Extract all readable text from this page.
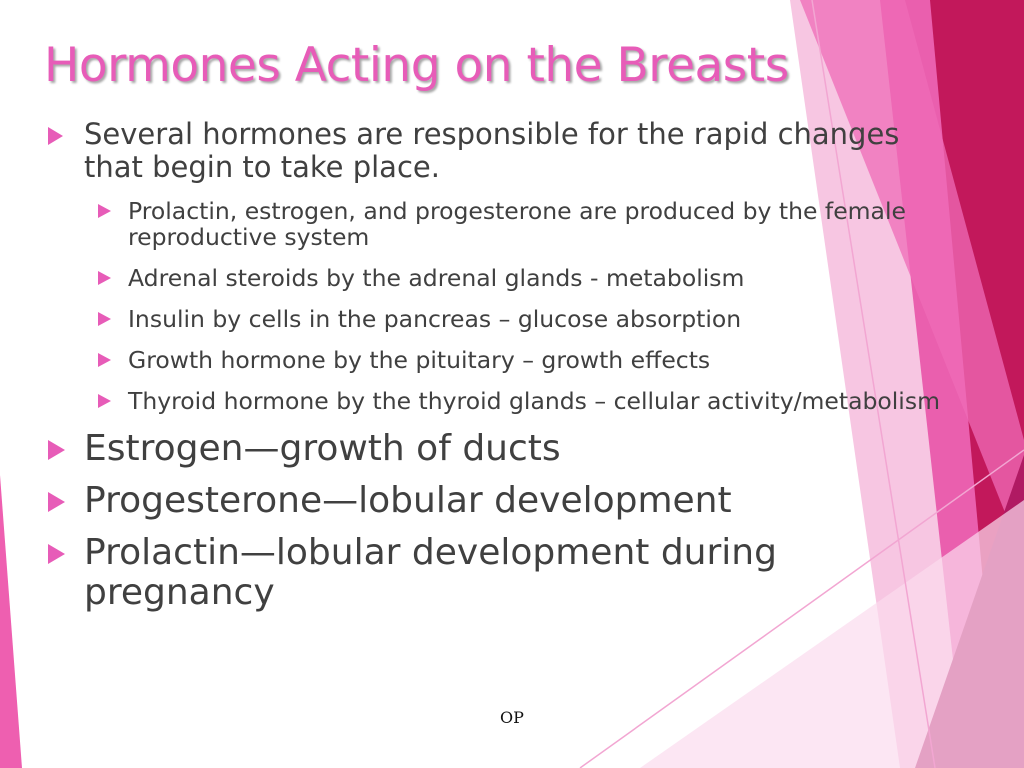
Hormones Acting on the Breasts
Several hormones are responsible for the rapid changes that begin to take place.
Prolactin, estrogen, and progesterone are produced by the female reproductive system
Adrenal steroids by the adrenal glands - metabolism
Insulin by cells in the pancreas – glucose absorption
Growth hormone by the pituitary – growth effects
Thyroid hormone by the thyroid glands – cellular activity/metabolism
Estrogen—growth of ducts
Progesterone—lobular development
Prolactin—lobular development during pregnancy
OP
